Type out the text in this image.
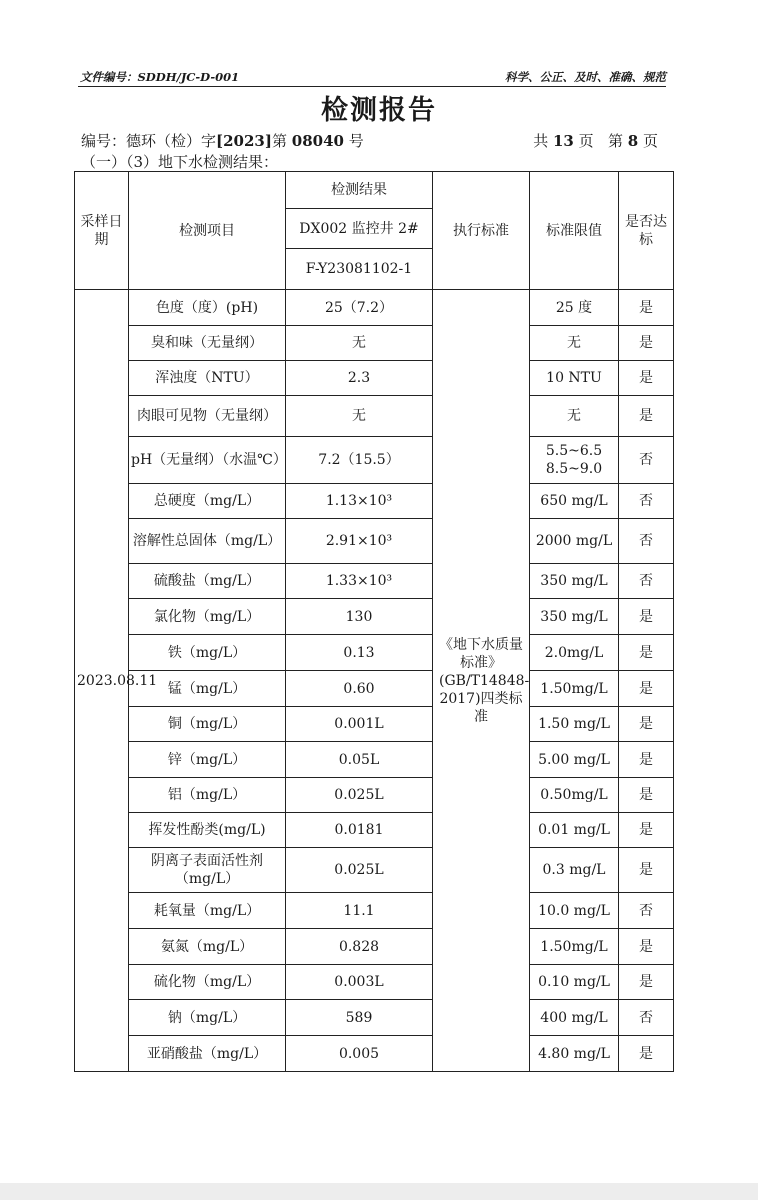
文件编号：SDDH/JC-D-001	科学、公正、及时、准确、规范
检测报告
编号：德环（检）字[2023]第 08040 号	共 13 页 第 8 页
（一）（3）地下水检测结果：
采样日期	检测项目	检测结果	执行标准	标准限值	是否达标
		DX002 监控井 2#			
		F-Y23081102-1			
2023.08.11	色度（度）(pH)	25（7.2）	《地下水质量标准》(GB/T14848-2017)四类标准	25 度	是
	臭和味（无量纲）	无		无	是
	浑浊度（NTU）	2.3		10 NTU	是
	肉眼可见物（无量纲）	无		无	是
	pH（无量纲）（水温℃）	7.2（15.5）		5.5~6.5 8.5~9.0	否
	总硬度（mg/L）	1.13×10³		650 mg/L	否
	溶解性总固体（mg/L）	2.91×10³		2000 mg/L	否
	硫酸盐（mg/L）	1.33×10³		350 mg/L	否
	氯化物（mg/L）	130		350 mg/L	是
	铁（mg/L）	0.13		2.0mg/L	是
	锰（mg/L）	0.60		1.50mg/L	是
	铜（mg/L）	0.001L		1.50 mg/L	是
	锌（mg/L）	0.05L		5.00 mg/L	是
	铝（mg/L）	0.025L		0.50mg/L	是
	挥发性酚类(mg/L)	0.0181		0.01 mg/L	是
	阴离子表面活性剂（mg/L）	0.025L		0.3 mg/L	是
	耗氧量（mg/L）	11.1		10.0 mg/L	否
	氨氮（mg/L）	0.828		1.50mg/L	是
	硫化物（mg/L）	0.003L		0.10 mg/L	是
	钠（mg/L）	589		400 mg/L	否
	亚硝酸盐（mg/L）	0.005		4.80 mg/L	是
